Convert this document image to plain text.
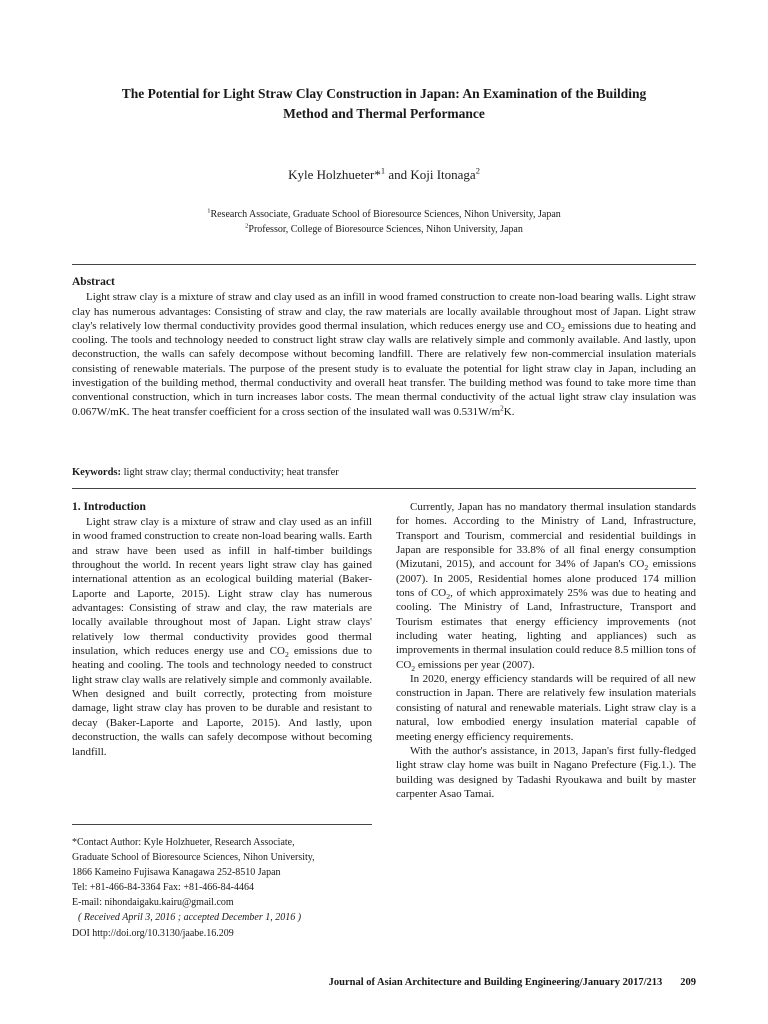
The Potential for Light Straw Clay Construction in Japan: An Examination of the Building
Method and Thermal Performance
Kyle Holzhueter*$^1$ and Koji Itonaga$^2$
$^1$Research Associate, Graduate School of Bioresource Sciences, Nihon University, Japan
$^2$Professor, College of Bioresource Sciences, Nihon University, Japan
Abstract

Light straw clay is a mixture of straw and clay used as an infill in wood framed construction to create non-load bearing walls. Light straw clay has numerous advantages: Consisting of straw and clay, the raw materials are locally available throughout most of Japan. Light straw clay's relatively low thermal conductivity provides good thermal insulation, which reduces energy use and $CO_2$ emissions due to heating and cooling. The tools and technology needed to construct light straw clay walls are relatively simple and commonly available. And lastly, upon deconstruction, the walls can safely decompose without becoming landfill. There are relatively few non-commercial insulation materials consisting of renewable materials. The purpose of the present study is to evaluate the potential for light straw clay in Japan, including an investigation of the building method, thermal conductivity and overall heat transfer. The building method was found to take more time than conventional construction, which in turn increases labor costs. The mean thermal conductivity of the actual light straw clay insulation was 0.067W/mK. The heat transfer coefficient for a cross section of the insulated wall was $0.531W/m^2K$.

Keywords: light straw clay; thermal conductivity; heat transfer
1. Introduction

Light straw clay is a mixture of straw and clay used as an infill in wood framed construction to create non-load bearing walls. Earth and straw have been used as infill in half-timber buildings throughout the world. In recent years light straw clay has gained international attention as an ecological building material (Baker-Laporte and Laporte, 2015). Light straw clay has numerous advantages: Consisting of straw and clay, the raw materials are locally available throughout most of Japan. Light straw clays' relatively low thermal conductivity provides good thermal insulation, which reduces energy use and $CO_2$ emissions due to heating and cooling. The tools and technology needed to construct light straw clay walls are relatively simple and commonly available. When designed and built correctly, protecting from moisture damage, light straw clay has proven to be durable and resistant to decay (Baker-Laporte and Laporte, 2015). And lastly, upon deconstruction, the walls can safely decompose without becoming landfill.

Currently, Japan has no mandatory thermal insulation standards for homes. According to the Ministry of Land, Infrastructure, Transport and Tourism, commercial and residential buildings in Japan are responsible for 33.8% of all final energy consumption (Mizutani, 2015), and account for 34% of Japan's $CO_2$ emissions (2007). In 2005, Residential homes alone produced 174 million tons of $CO_2$, of which approximately 25% was due to heating and cooling. The Ministry of Land, Infrastructure, Transport and Tourism estimates that energy efficiency improvements (not including water heating, lighting and appliances) such as improvements in thermal insulation could reduce 8.5 million tons of $CO_2$ emissions per year (2007).

In 2020, energy efficiency standards will be required of all new construction in Japan. There are relatively few insulation materials consisting of natural and renewable materials. Light straw clay is a natural, low embodied energy insulation material capable of meeting energy efficiency requirements.

With the author's assistance, in 2013, Japan's first fully-fledged light straw clay home was built in Nagano Prefecture (Fig.1.). The building was designed by Tadashi Ryoukawa and built by master carpenter Asao Tamai.

*Contact Author: Kyle Holzhueter, Research Associate,
Graduate School of Bioresource Sciences, Nihon University,
1866 Kameino Fujisawa Kanagawa 252-8510 Japan
Tel: +81-466-84-3364 Fax: +81-466-84-4464
E-mail: nihondaigaku.kairu@gmail.com
( Received April 3, 2016 ; accepted December 1, 2016 )
DOI http://doi.org/10.3130/jaabe.16.209
Journal of Asian Architecture and Building Engineering/January 2017/213 209
